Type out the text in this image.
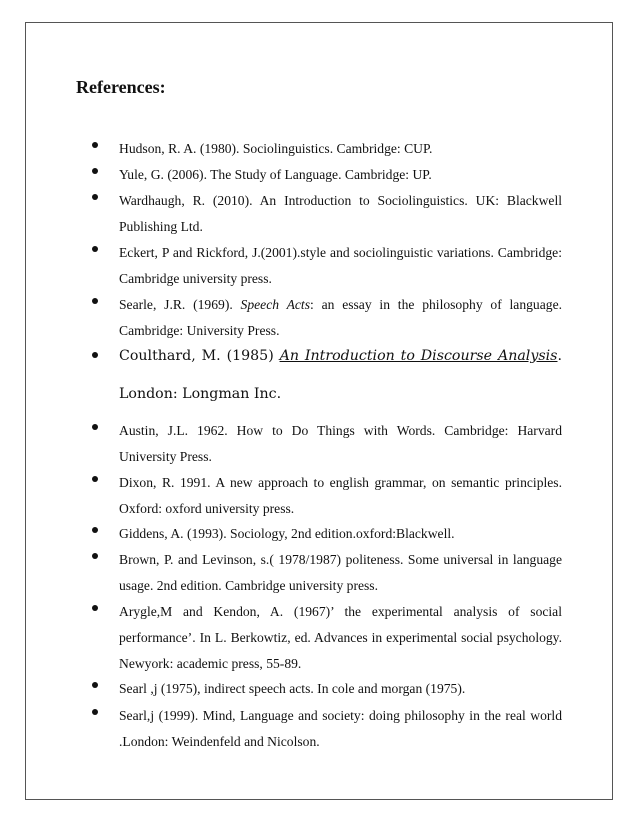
References:
Hudson, R. A. (1980). Sociolinguistics. Cambridge: CUP.
Yule, G. (2006). The Study of Language. Cambridge: UP.
Wardhaugh, R. (2010). An Introduction to Sociolinguistics. UK: Blackwell Publishing Ltd.
Eckert, P and Rickford, J.(2001).style and sociolinguistic variations. Cambridge: Cambridge university press.
Searle, J.R. (1969). Speech Acts: an essay in the philosophy of language. Cambridge: University Press.
Coulthard, M. (1985) An Introduction to Discourse Analysis. London: Longman Inc.
Austin, J.L. 1962. How to Do Things with Words. Cambridge: Harvard University Press.
Dixon, R. 1991. A new approach to english grammar, on semantic principles. Oxford: oxford university press.
Giddens, A. (1993). Sociology, 2nd edition.oxford:Blackwell.
Brown, P. and Levinson, s.( 1978/1987) politeness. Some universal in language usage. 2nd edition. Cambridge university press.
Arygle,M and Kendon, A. (1967)’ the experimental analysis of social performance’. In L. Berkowtiz, ed. Advances in experimental social psychology. Newyork: academic press, 55-89.
Searl ,j (1975), indirect speech acts. In cole and morgan (1975).
Searl,j (1999). Mind, Language and society: doing philosophy in the real world .London: Weindenfeld and Nicolson.
